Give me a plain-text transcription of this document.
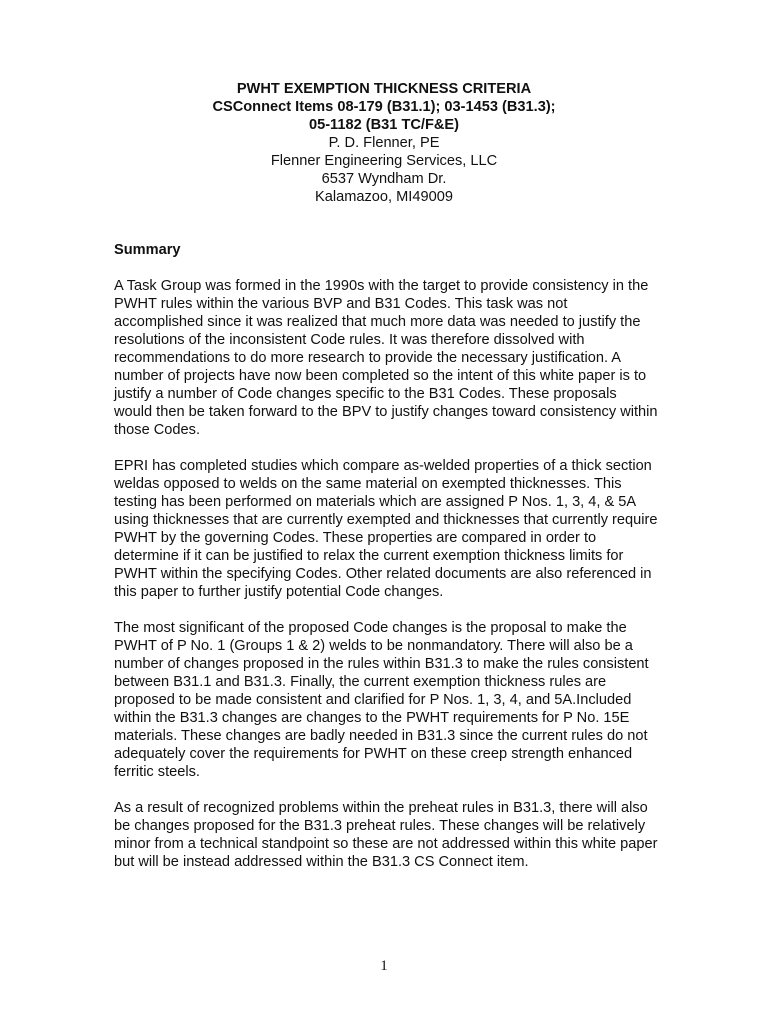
PWHT EXEMPTION THICKNESS CRITERIA
CSConnect Items 08-179 (B31.1); 03-1453 (B31.3);
05-1182 (B31 TC/F&E)
P. D. Flenner, PE
Flenner Engineering Services, LLC
6537 Wyndham Dr.
Kalamazoo, MI49009
Summary
A Task Group was formed in the 1990s with the target to provide consistency in the
PWHT rules within the various BVP and B31 Codes. This task was not
accomplished since it was realized that much more data was needed to justify the
resolutions of the inconsistent Code rules. It was therefore dissolved with
recommendations to do more research to provide the necessary justification. A
number of projects have now been completed so the intent of this white paper is to
justify a number of Code changes specific to the B31 Codes. These proposals
would then be taken forward to the BPV to justify changes toward consistency within
those Codes.
EPRI has completed studies which compare as-welded properties of a thick section
weldas opposed to welds on the same material on exempted thicknesses. This
testing has been performed on materials which are assigned P Nos. 1, 3, 4, & 5A
using thicknesses that are currently exempted and thicknesses that currently require
PWHT by the governing Codes. These properties are compared in order to
determine if it can be justified to relax the current exemption thickness limits for
PWHT within the specifying Codes. Other related documents are also referenced in
this paper to further justify potential Code changes.
The most significant of the proposed Code changes is the proposal to make the
PWHT of P No. 1 (Groups 1 & 2) welds to be nonmandatory. There will also be a
number of changes proposed in the rules within B31.3 to make the rules consistent
between B31.1 and B31.3. Finally, the current exemption thickness rules are
proposed to be made consistent and clarified for P Nos. 1, 3, 4, and 5A.Included
within the B31.3 changes are changes to the PWHT requirements for P No. 15E
materials. These changes are badly needed in B31.3 since the current rules do not
adequately cover the requirements for PWHT on these creep strength enhanced
ferritic steels.
As a result of recognized problems within the preheat rules in B31.3, there will also
be changes proposed for the B31.3 preheat rules. These changes will be relatively
minor from a technical standpoint so these are not addressed within this white paper
but will be instead addressed within the B31.3 CS Connect item.
1
